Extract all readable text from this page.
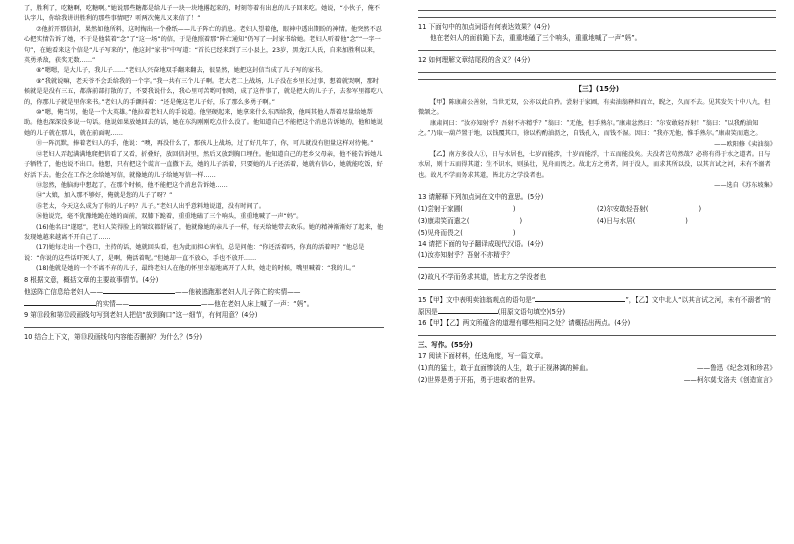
了，胜利了，吃糖啊，吃糖啊。”她说那些糖都是给儿子一块一块地撂起来的，时刻等着有出息的儿子回来吃。她说，“小伙子，俺不认字儿，你给我讲讲胜利的那些事情吧？听两次俺儿又来信了！”

⑦他折开那信封，果然如他所料，这时掏出一个叠纸——儿子阵亡的消息。老妇人望着他，眼神中透出期盼的神情。他突然不忍心把实情告诉了她，不于是他装着“念”了“这一场”的信，于是他照着那“阵亡通知”仍写了一封家书给她。老妇人听着他“念”“一字一句”，在她看来这个信是“儿子写来的”，他这封“家书”中写道：“首长已经来到了三小县上，23岁，黑龙江人氏，自来加胜利以来，英勇杀敌，获奖无数……”

⑧“嗯嗯，是大儿子，我儿子……”老妇人兴奋地双手翻来翻去，很显然，她把这封信当成了儿子写的家书。

⑨“我就说嘛，老天爷不会丢给我的一个字。”我一共有三个儿子啊。老大老二上战场，儿子没在乡里长过事，想着就哭啊，那时候就是是没有三五，都落前部打散的了，不要我说什么，我心里可苦哟可恨哟，成了这件事了，就是把大的儿子子，去参军里都吃八的，你那儿子就是里你来书。”老妇人的手颤抖着：“还是俺这老儿子好，乐了那么多勇子啊。”

⑩“嗯，俺当男，他是一个大英雄。”他拉着老妇人的手说道。他坚硬起来，她拿来什么东西给我，他叫其他人帮着尽量给她帮助。他也深深没多说一句话。他说如果放她回去的话，她在东沟刚刚吃点什么没了。他知道自己不能把这个消息告诉她的，他和她说她的儿子就在那儿，就在前面呢……

⑪一阵沉默，捧着老妇人的手，他说：“噢，再没什么了，那孩儿上战场，过了好几年了，你，可儿就没有胆量这样对待俺。”

⑫老妇人弄起满满地爬把信看了又看，折叠好，放回信封里，然后又放到胸口埋住。他知道自己的老乡父母亲，他不能告诉她儿子牺牲了，他也说不出口。他想，只有把这个谎言一直撒下去，她的儿子活着，只要她的儿子还活着，她就有信心，她就能吃饭，好好活下去。他会在工作之余给她写信，就像她的儿子给她写信一样……

⑬忽然，他脑海中想起了，在那个时候，他不能把这个消息告诉她……

⑭“大娘，加入那不够好，俺就是您的儿子了呀？”

⑮老太，今天这么成为了你的儿子吗？儿子。”老妇人出乎意料地说道，没有时间了。

⑯他说完，毫不犹豫地跪在她的面前，双膝下跪着，重重地磕了三个响头，重重地喊了一声“妈”。

(16)他名曰“遂愿”，老妇人笑得脸上的皱纹都舒展了，他就像她的亲儿子一样，每天给她带去欢乐。她的精神渐渐好了起来，他发现她越来越离不开自己了……

(17)她每走出一个巷口，主持的话，她就回头看，也为此而担心害怕，总是问他：“你还活着吗，你真的活着吗？”他总是说：“你说的这些话吓死人了，是啊，俺活着呢。”但她却一直不放心，手也不放开……

(18)他就是她的一个不离不弃的儿子，最终老妇人在他的怀里幸福地离开了人世，她走的时候，嘴里喊着：“我的儿。”

8 根据文意，概括文章的主要故事情节。(4分)

他送阵亡信息给老妇人——	——他被逃跑那老妇人儿子阵亡的实情——

的实情——	——他在老妇人床上喊了一声：“妈”。

9 第⑪段和第⑫段画线句写到老妇人把信“放到胸口”这一细节，有何用意？(4分)

10 结合上下文，第⑬段画线句内容能否删掉？为什么？(5分)

11 下面句中的加点词语有何表达效果？(4分)

他在老妇人的面前跪下去，重重地磕了三个响头，重重地喊了一声“妈”。

12 如何理解文章结尾段的含义？(4分)

【三】(15分)

【甲】陈康肃公善射，当世无双，公亦以此自矜。尝射于家圃，有卖油翁释担而立，睨之，久而不去。见其发矢十中八九，但微颔之。

康肃问曰：“汝亦知射乎？吾射不亦精乎？”翁曰：“无他，但手熟尔。”康肃忿然曰：“尔安敢轻吾射！”翁曰：“以我酌油知之。”乃取一葫芦置于地，以钱覆其口，徐以杓酌油沥之，自钱孔入，而钱不湿。因曰：“我亦无他，惟手熟尔。”康肃笑而遣之。

——欧阳修《卖油翁》

【乙】南方多没人①，日与水居也，七岁而能涉，十岁而能浮，十五而能没矣。夫没者岂苟然哉？必将有得于水之道者。日与水居，则十五而得其道；生不识水，则虽壮，见舟而畏之。故北方之勇者，问于没人，而求其所以没，以其言试之河，未有不溺者也。故凡不学而务求其道，皆北方之学没者也。

——选自《苏东坡集》

13 请解释下列加点词在文中的意思。(5分)

(1)尝射于家圃(	)	(2)尔安敢轻吾射(	)
(3)康肃笑而遣之(	)	(4)日与水居(	)
(5)见舟而畏之(	)

14 请把下面的句子翻译成现代汉语。(4分)

(1)汝亦知射乎？吾射不亦精乎？

(2)故凡不学而务求其道，皆北方之学没者也

15【甲】文中表明卖油翁观点的语句是“	”，【乙】文中北人“以其言试之河，未有不溺者”的原因是	(用原文语句填空)(5分)

16【甲】【乙】两文所蕴含的道理有哪些相同之处？请概括出两点。(4分)

三、写作。(55分)

17 阅读下面材料，任选角度，写一篇文章。

(1)真的猛士，敢于直面惨淡的人生，敢于正视淋漓的鲜血。	——鲁迅《纪念刘和珍君》
(2)世界是勇于开拓，勇于进取者的世界。	——柯尔莫戈洛夫《创造宣言》
